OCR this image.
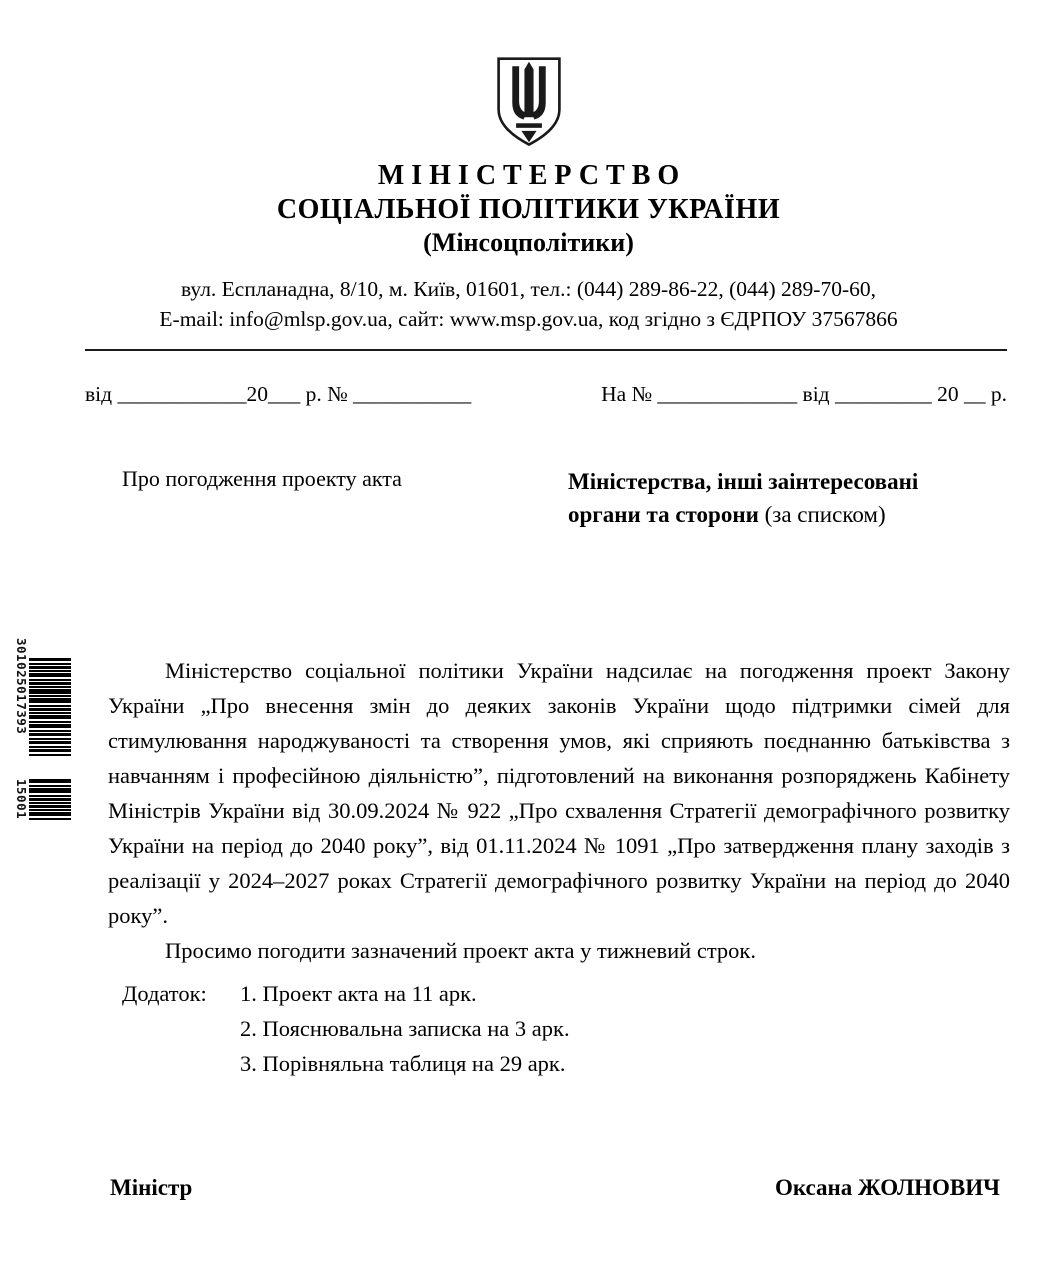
301025017393
15001
МІНІСТЕРСТВО
СОЦІАЛЬНОЇ ПОЛІТИКИ УКРАЇНИ
(Мінсоцполітики)
вул. Еспланадна, 8/10, м. Київ, 01601, тел.: (044) 289-86-22, (044) 289-70-60,
E-mail: info@mlsp.gov.ua, сайт: www.msp.gov.ua, код згідно з ЄДРПОУ 37567866
від ____________20___ р. № ___________	На № _____________ від _________ 20 __ р.
Про погодження проекту акта	Міністерства, інші заінтересовані органи та сторони (за списком)

Міністерство соціальної політики України надсилає на погодження проект Закону України „Про внесення змін до деяких законів України щодо підтримки сімей для стимулювання народжуваності та створення умов, які сприяють поєднанню батьківства з навчанням і професійною діяльністю”, підготовлений на виконання розпоряджень Кабінету Міністрів України від 30.09.2024 № 922 „Про схвалення Стратегії демографічного розвитку України на період до 2040 року”, від 01.11.2024 № 1091 „Про затвердження плану заходів з реалізації у 2024–2027 роках Стратегії демографічного розвитку України на період до 2040 року”.

Просимо погодити зазначений проект акта у тижневий строк.

Додаток:	1. Проект акта на 11 арк.
2. Пояснювальна записка на 3 арк.
3. Порівняльна таблиця на 29 арк.
Міністр	Оксана ЖОЛНОВИЧ
